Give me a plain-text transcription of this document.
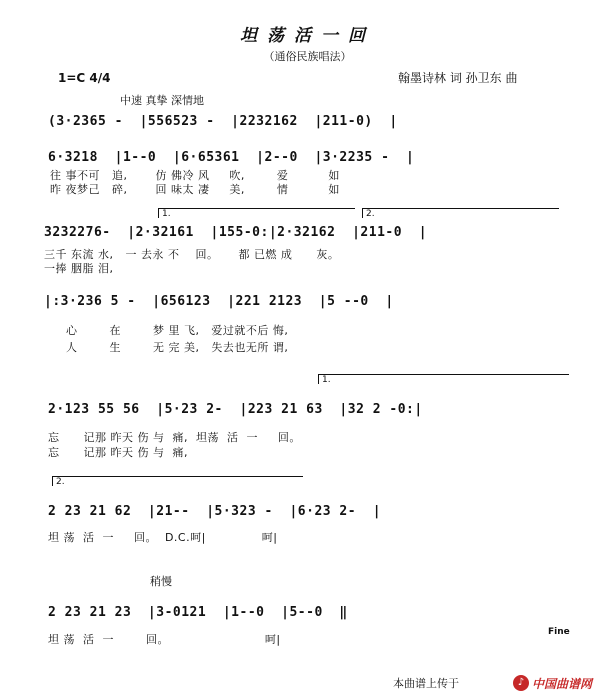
坦荡活一回
（通俗民族唱法）
1=C 4/4	翰墨诗林 词 孙卫东 曲
中速 真挚 深情地
(3·2365 -  |556523 -  |2232162  |211-0)  |
6·3218  |1--0  |6·65361  |2--0  |3·2235 -  |
往 事不可   追,       仿 佛冷 风     吹,        爱          如
昨 夜梦己   碎,       回 味太 凄     美,        情          如
1.	2.
3232276-  |2·32161  |155-0:|2·32162  |211-0  |
三千 东流 水,   一 去永 不    回。     都 已燃 成      灰。
一捧 胭脂 泪,
|:3·236 5 -  |656123  |221 2123  |5 --0  |
心        在        梦 里 飞,   爱过就不后 悔,
人        生        无 完 美,   失去也无所 谓,
1.
2·123 55 56  |5·23 2-  |223 21 63  |32 2 -0:|
忘      记那 昨天 伤 与  痛,  坦荡  活  一     回。
忘      记那 昨天 伤 与  痛,
2.
2 23 21 62  |21--  |5·323 -  |6·23 2-  |
坦 荡  活  一     回。  D.C.呵|              呵|
稍慢
2 23 21 23  |3-0121  |1--0  |5--0  ‖
Fine
坦 荡  活  一        回。                        呵|
本曲谱上传于	♪ 中国曲谱网
